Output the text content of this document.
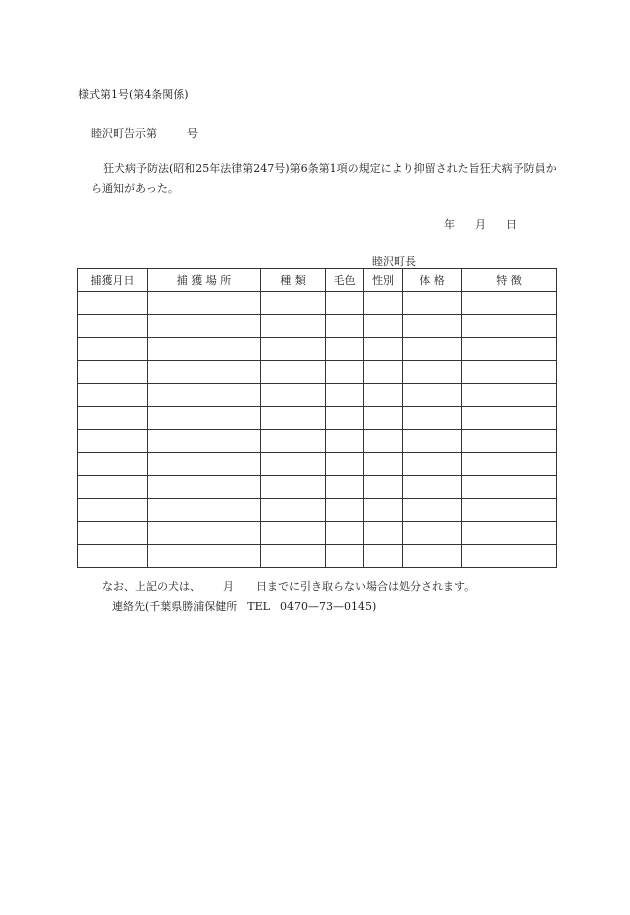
様式第1号(第4条関係)
睦沢町告示第	号
狂犬病予防法(昭和25年法律第247号)第6条第1項の規定により抑留された旨狂犬病予防員から通知があった。
年 月 日
睦沢町長
捕獲月日	捕 獲 場 所	種 類	毛色	性別	体 格	特 徴

なお、上記の犬は、 月 日までに引き取らない場合は処分されます。
連絡先(千葉県勝浦保健所 TEL 0470—73—0145)
